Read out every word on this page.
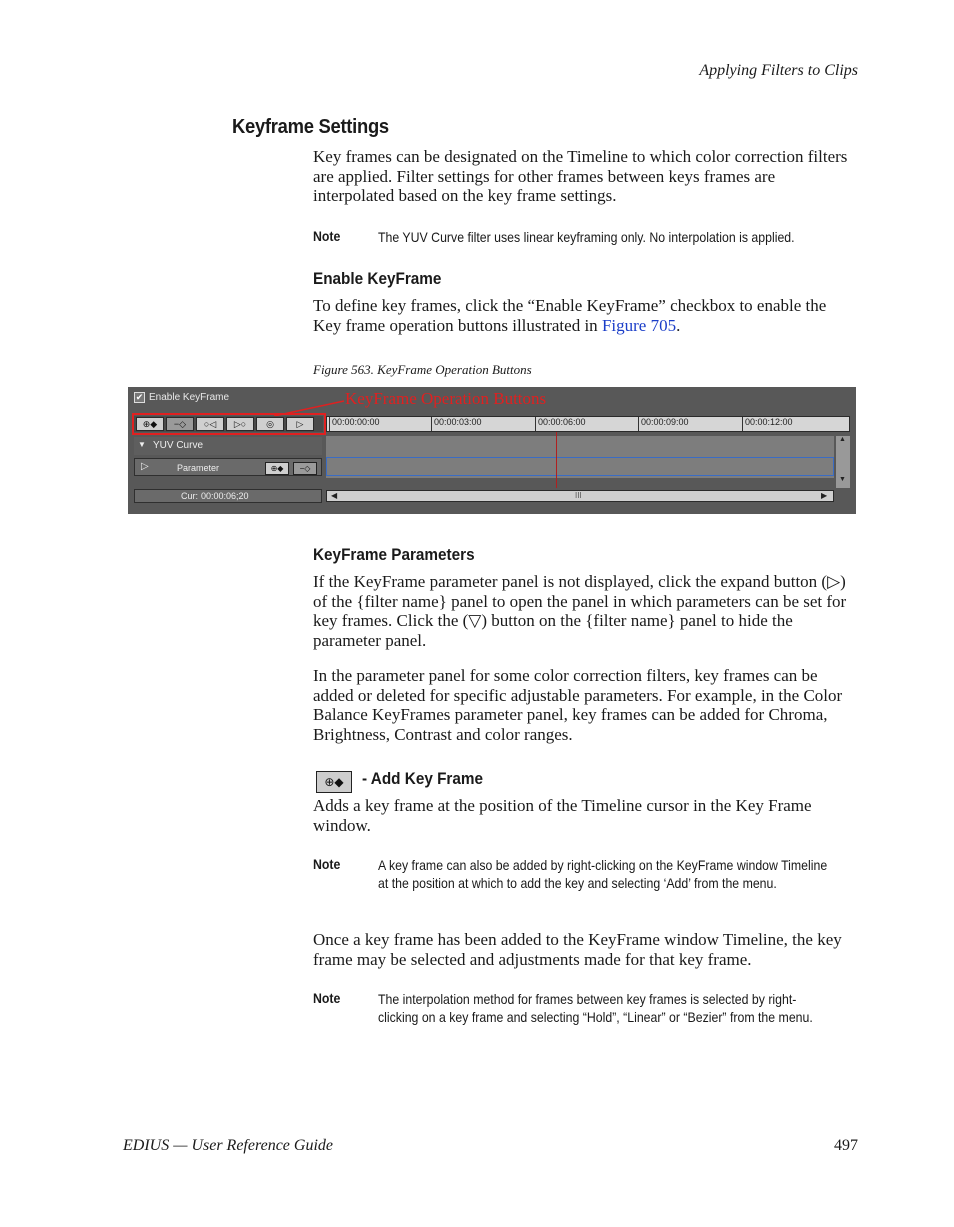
Applying Filters to Clips
Keyframe Settings
Key frames can be designated on the Timeline to which color correction filters are applied. Filter settings for other frames between keys frames are interpolated based on the key frame settings.
Note	The YUV Curve filter uses linear keyframing only. No interpolation is applied.
Enable KeyFrame
To define key frames, click the “Enable KeyFrame” checkbox to enable the Key frame operation buttons illustrated in Figure 705.
Figure 563. KeyFrame Operation Buttons
✔ Enable KeyFrame	KeyFrame Operation Buttons
⊕◆	−◇	○◁	▷○	◎	▷	00:00:00:00	00:00:03:00	00:00:06:00	00:00:09:00	00:00:12:00
▼ YUV Curve
▷	Parameter	⊕◆	−◇
Cur: 00:00:06;20
▲
▼
◀	III	▶
KeyFrame Parameters
If the KeyFrame parameter panel is not displayed, click the expand button (▷) of the {filter name} panel to open the panel in which parameters can be set for key frames. Click the (▽) button on the {filter name} panel to hide the parameter panel.
In the parameter panel for some color correction filters, key frames can be added or deleted for specific adjustable parameters. For example, in the Color Balance KeyFrames parameter panel, key frames can be added for Chroma, Brightness, Contrast and color ranges.
⊕◆	- Add Key Frame
Adds a key frame at the position of the Timeline cursor in the Key Frame window.
Note	A key frame can also be added by right-clicking on the KeyFrame window Timeline at the position at which to add the key and selecting ‘Add’ from the menu.
Once a key frame has been added to the KeyFrame window Timeline, the key frame may be selected and adjustments made for that key frame.
Note	The interpolation method for frames between key frames is selected by right-clicking on a key frame and selecting “Hold”, “Linear” or “Bezier” from the menu.
EDIUS — User Reference Guide	497
